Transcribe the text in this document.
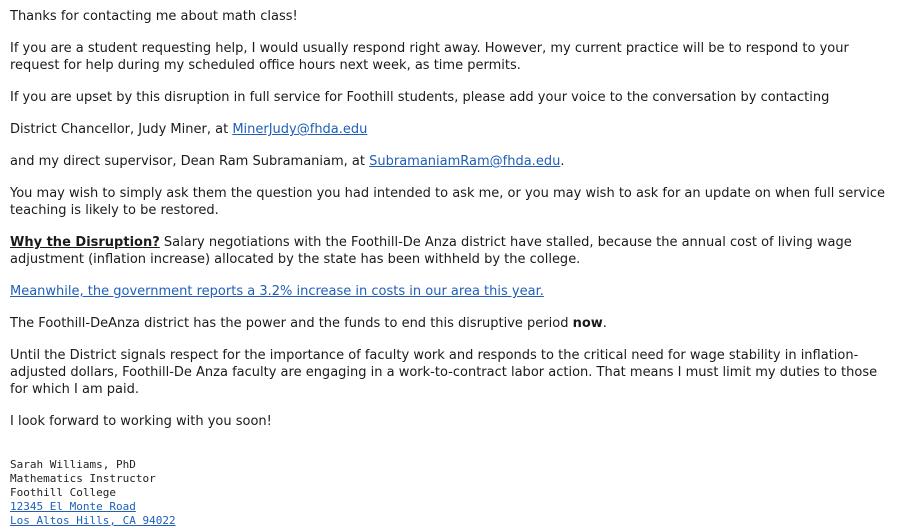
Thanks for contacting me about math class!

If you are a student requesting help, I would usually respond right away. However, my current practice will be to respond to your request for help during my scheduled office hours next week, as time permits.

If you are upset by this disruption in full service for Foothill students, please add your voice to the conversation by contacting

District Chancellor, Judy Miner, at MinerJudy@fhda.edu

and my direct supervisor, Dean Ram Subramaniam, at SubramaniamRam@fhda.edu.

You may wish to simply ask them the question you had intended to ask me, or you may wish to ask for an update on when full service teaching is likely to be restored.

Why the Disruption? Salary negotiations with the Foothill-De Anza district have stalled, because the annual cost of living wage adjustment (inflation increase) allocated by the state has been withheld by the college.

Meanwhile, the government reports a 3.2% increase in costs in our area this year.

The Foothill-DeAnza district has the power and the funds to end this disruptive period now.

Until the District signals respect for the importance of faculty work and responds to the critical need for wage stability in inflation-adjusted dollars, Foothill-De Anza faculty are engaging in a work-to-contract labor action. That means I must limit my duties to those for which I am paid.

I look forward to working with you soon!

Sarah Williams, PhD
Mathematics Instructor
Foothill College
12345 El Monte Road
Los Altos Hills, CA 94022
